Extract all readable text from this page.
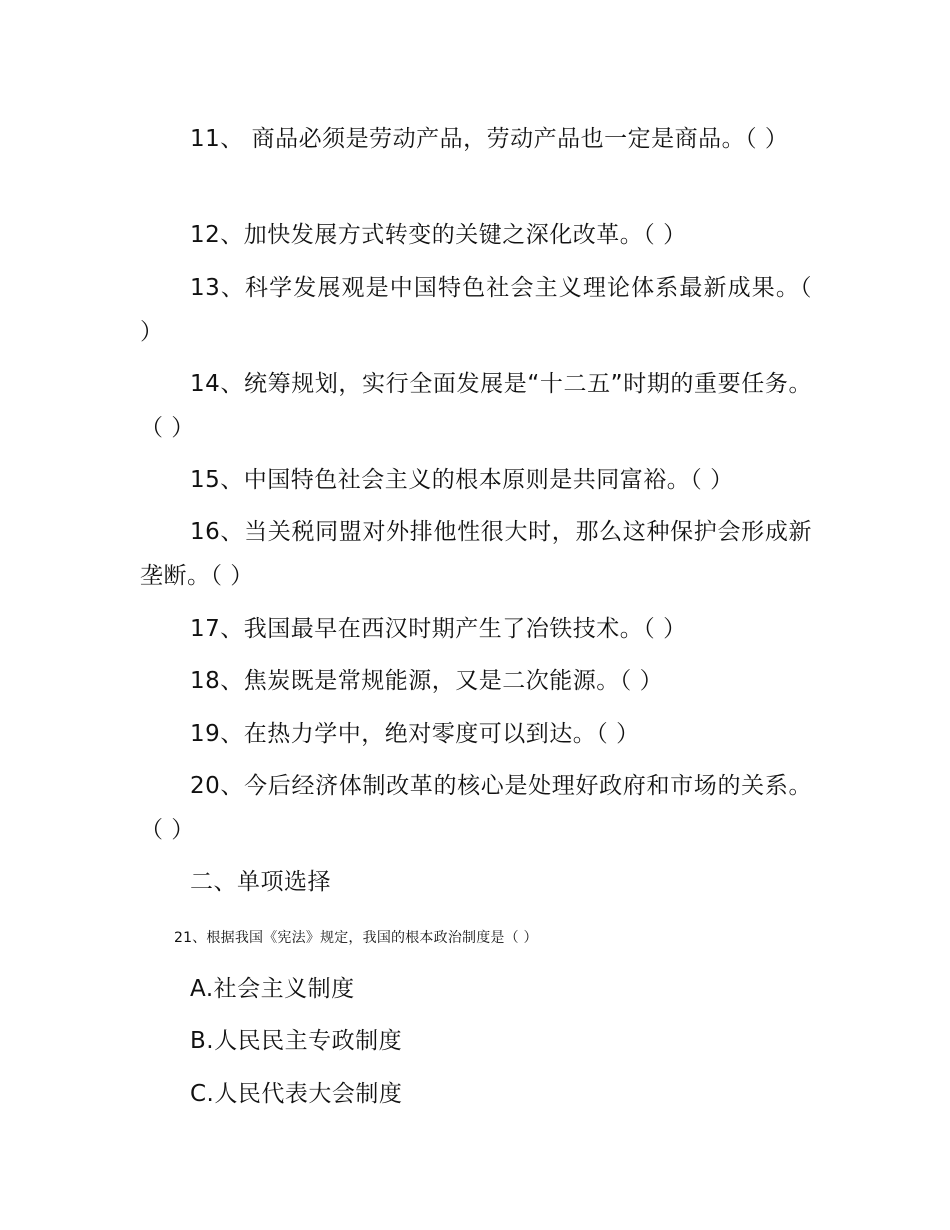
11、 商品必须是劳动产品，劳动产品也一定是商品。（ ）

12、加快发展方式转变的关键之深化改革。（ ）

13、科学发展观是中国特色社会主义理论体系最新成果。（ ）

14、统筹规划，实行全面发展是“十二五”时期的重要任务。（ ）

15、中国特色社会主义的根本原则是共同富裕。（ ）

16、当关税同盟对外排他性很大时，那么这种保护会形成新垄断。（ ）

17、我国最早在西汉时期产生了冶铁技术。（ ）

18、焦炭既是常规能源，又是二次能源。（ ）

19、在热力学中，绝对零度可以到达。（ ）

20、今后经济体制改革的核心是处理好政府和市场的关系。（ ）

二、单项选择

21、根据我国《宪法》规定，我国的根本政治制度是（ ）

A.社会主义制度

B.人民民主专政制度

C.人民代表大会制度
